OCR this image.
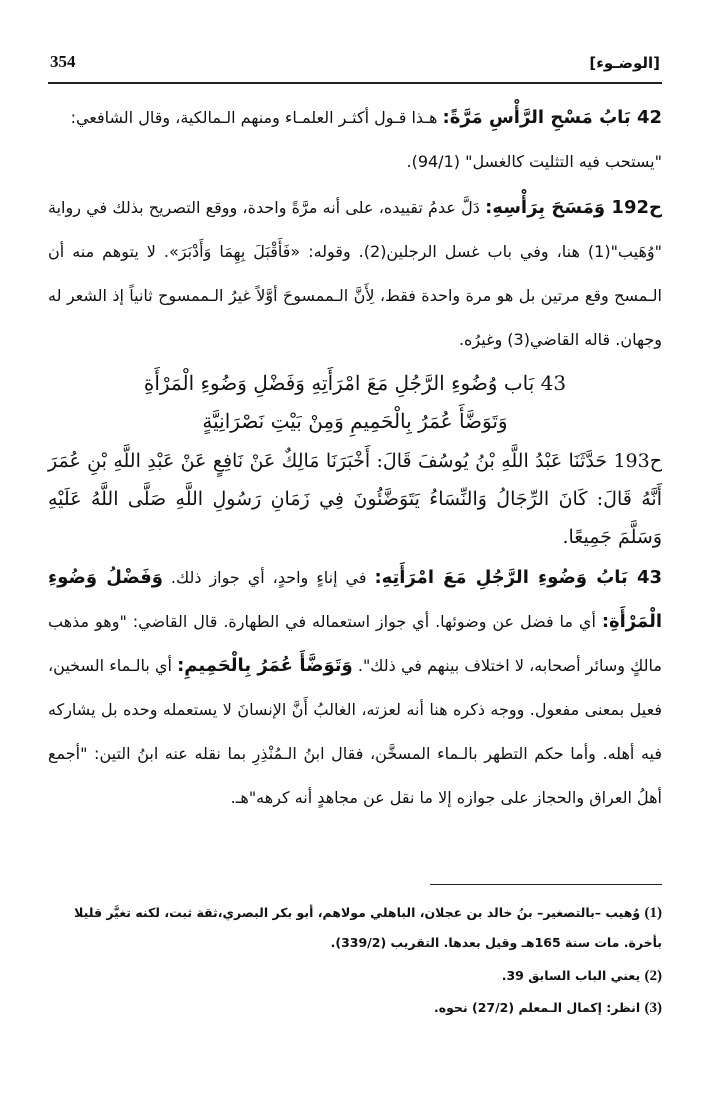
354	[الوضـوء]

42 بَابُ مَسْحِ الرَّأْسِ مَرَّةً: هـذا قـول أكثـر العلمـاء ومنهم الـمالكية، وقال الشافعي:
"يستحب فيه التثليت كالغسل" (94/1).

ح192 وَمَسَحَ بِرَأْسِهِ: دَلَّ عدمُ تقييده، على أنه مرَّةً واحدة، ووقع التصريح بذلك في رواية "وُهَيب"(1) هنا، وفي باب غسل الرجلين(2). وقوله: «فَأَقْبَلَ بِهِمَا وَأَدْبَرَ». لا يتوهم منه أن الـمسح وقع مرتين بل هو مرة واحدة فقط، لِأَنَّ الـممسوحَ أوَّلاً غيرُ الـممسوح ثانياً إذ الشعر له وجهان. قاله القاضي(3) وغيرُه.

43 بَاب وُضُوءِ الرَّجُلِ مَعَ امْرَأَتِهِ وَفَضْلِ وَضُوءِ الْمَرْأَةِ
وَتَوَضَّأَ عُمَرُ بِالْحَمِيمِ وَمِنْ بَيْتِ نَصْرَانِيَّةٍ

ح193 حَدَّثَنَا عَبْدُ اللَّهِ بْنُ يُوسُفَ قَالَ: أَخْبَرَنَا مَالِكٌ عَنْ نَافِعٍ عَنْ عَبْدِ اللَّهِ بْنِ عُمَرَ أَنَّهُ قَالَ: كَانَ الرِّجَالُ وَالنِّسَاءُ يَتَوَضَّئُونَ فِي زَمَانِ رَسُولِ اللَّهِ صَلَّى اللَّهُ عَلَيْهِ وَسَلَّمَ جَمِيعًا.

43 بَابُ وَضُوءِ الرَّجُلِ مَعَ امْرَأَتِهِ: في إناءٍ واحدٍ، أي جواز ذلك. وَفَضْلُ وَضُوءِ الْمَرْأَةِ: أي ما فضل عن وضوئها. أي جواز استعماله في الطهارة. قال القاضي: "وهو مذهب مالكٍ وسائر أصحابه، لا اختلاف بينهم في ذلك". وَتَوَضَّأَ عُمَرُ بِالْحَمِيمِ: أي بالـماء السخين، فعيل بمعنى مفعول. ووجه ذكره هنا أنه لعزته، الغالبُ أَنَّ الإنسانَ لا يستعمله وحده بل يشاركه فيه أهله. وأما حكم التطهر بالـماء المسخَّن، فقال ابنُ الـمُنْذِرِ بما نقله عنه ابنُ التين: "أجمع أهلُ العراق والحجاز على جوازه إلا ما نقل عن مجاهدٍ أنه كرهه"هـ.

(1) وُهيب –بالتصغير– بنُ خالد بن عجلان، الباهلي مولاهم، أبو بكر البصري،ثقة ثبت، لكنه تغيَّر قليلا بأخرة. مات سنة 165هـ وقيل بعدها. التقريب (339/2).
(2) يعني الباب السابق 39.
(3) انظر: إكمال الـمعلم (27/2) نحوه.
